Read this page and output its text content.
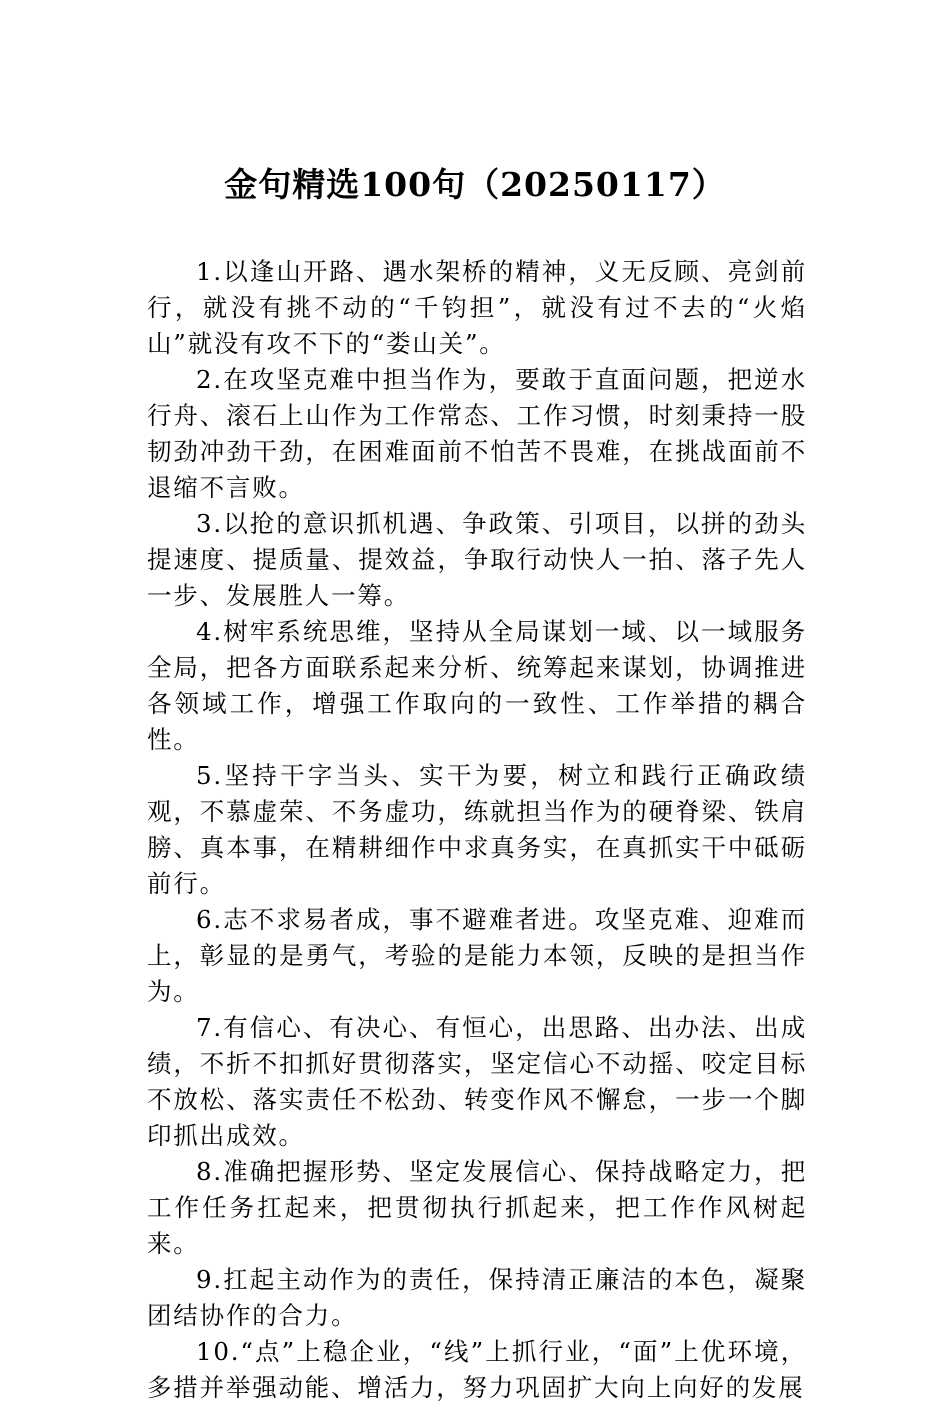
金句精选100句（20250117）

1.以逢山开路、遇水架桥的精神，义无反顾、亮剑前行，就没有挑不动的“千钧担”，就没有过不去的“火焰山”就没有攻不下的“娄山关”。

2.在攻坚克难中担当作为，要敢于直面问题，把逆水行舟、滚石上山作为工作常态、工作习惯，时刻秉持一股韧劲冲劲干劲，在困难面前不怕苦不畏难，在挑战面前不退缩不言败。

3.以抢的意识抓机遇、争政策、引项目，以拼的劲头提速度、提质量、提效益，争取行动快人一拍、落子先人一步、发展胜人一筹。

4.树牢系统思维，坚持从全局谋划一域、以一域服务全局，把各方面联系起来分析、统筹起来谋划，协调推进各领域工作，增强工作取向的一致性、工作举措的耦合性。

5.坚持干字当头、实干为要，树立和践行正确政绩观，不慕虚荣、不务虚功，练就担当作为的硬脊梁、铁肩膀、真本事，在精耕细作中求真务实，在真抓实干中砥砺前行。

6.志不求易者成，事不避难者进。攻坚克难、迎难而上，彰显的是勇气，考验的是能力本领，反映的是担当作为。

7.有信心、有决心、有恒心，出思路、出办法、出成绩，不折不扣抓好贯彻落实，坚定信心不动摇、咬定目标不放松、落实责任不松劲、转变作风不懈怠，一步一个脚印抓出成效。

8.准确把握形势、坚定发展信心、保持战略定力，把工作任务扛起来，把贯彻执行抓起来，把工作作风树起来。

9.扛起主动作为的责任，保持清正廉洁的本色，凝聚团结协作的合力。

10.“点”上稳企业，“线”上抓行业，“面”上优环境，多措并举强动能、增活力，努力巩固扩大向上向好的发展
